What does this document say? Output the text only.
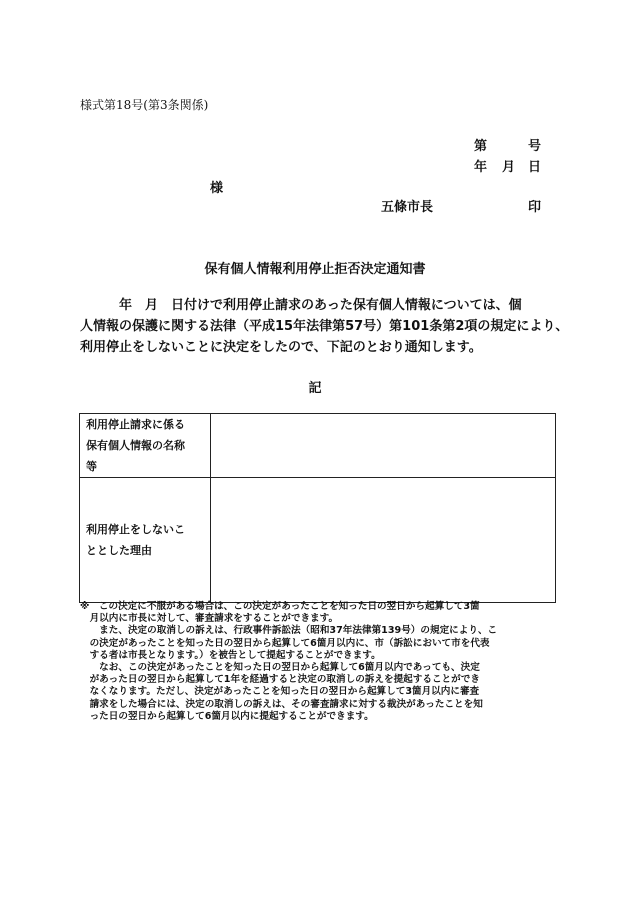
様式第18号(第3条関係)
第	号
年 月 日
様
五條市長	印
保有個人情報利用停止拒否決定通知書
　　　年　月　日付けで利用停止請求のあった保有個人情報については、個
人情報の保護に関する法律（平成15年法律第57号）第101条第2項の規定により、
利用停止をしないことに決定をしたので、下記のとおり通知します。
記
利用停止請求に係る
保有個人情報の名称
等	

利用停止をしないこ
ととした理由	

※　この決定に不服がある場合は、この決定があったことを知った日の翌日から起算して3箇
　月以内に市長に対して、審査請求をすることができます。
　　また、決定の取消しの訴えは、行政事件訴訟法（昭和37年法律第139号）の規定により、こ
　の決定があったことを知った日の翌日から起算して6箇月以内に、市（訴訟において市を代表
　する者は市長となります。）を被告として提起することができます。
　　なお、この決定があったことを知った日の翌日から起算して6箇月以内であっても、決定
　があった日の翌日から起算して1年を経過すると決定の取消しの訴えを提起することができ
　なくなります。ただし、決定があったことを知った日の翌日から起算して3箇月以内に審査
　請求をした場合には、決定の取消しの訴えは、その審査請求に対する裁決があったことを知
　った日の翌日から起算して6箇月以内に提起することができます。
